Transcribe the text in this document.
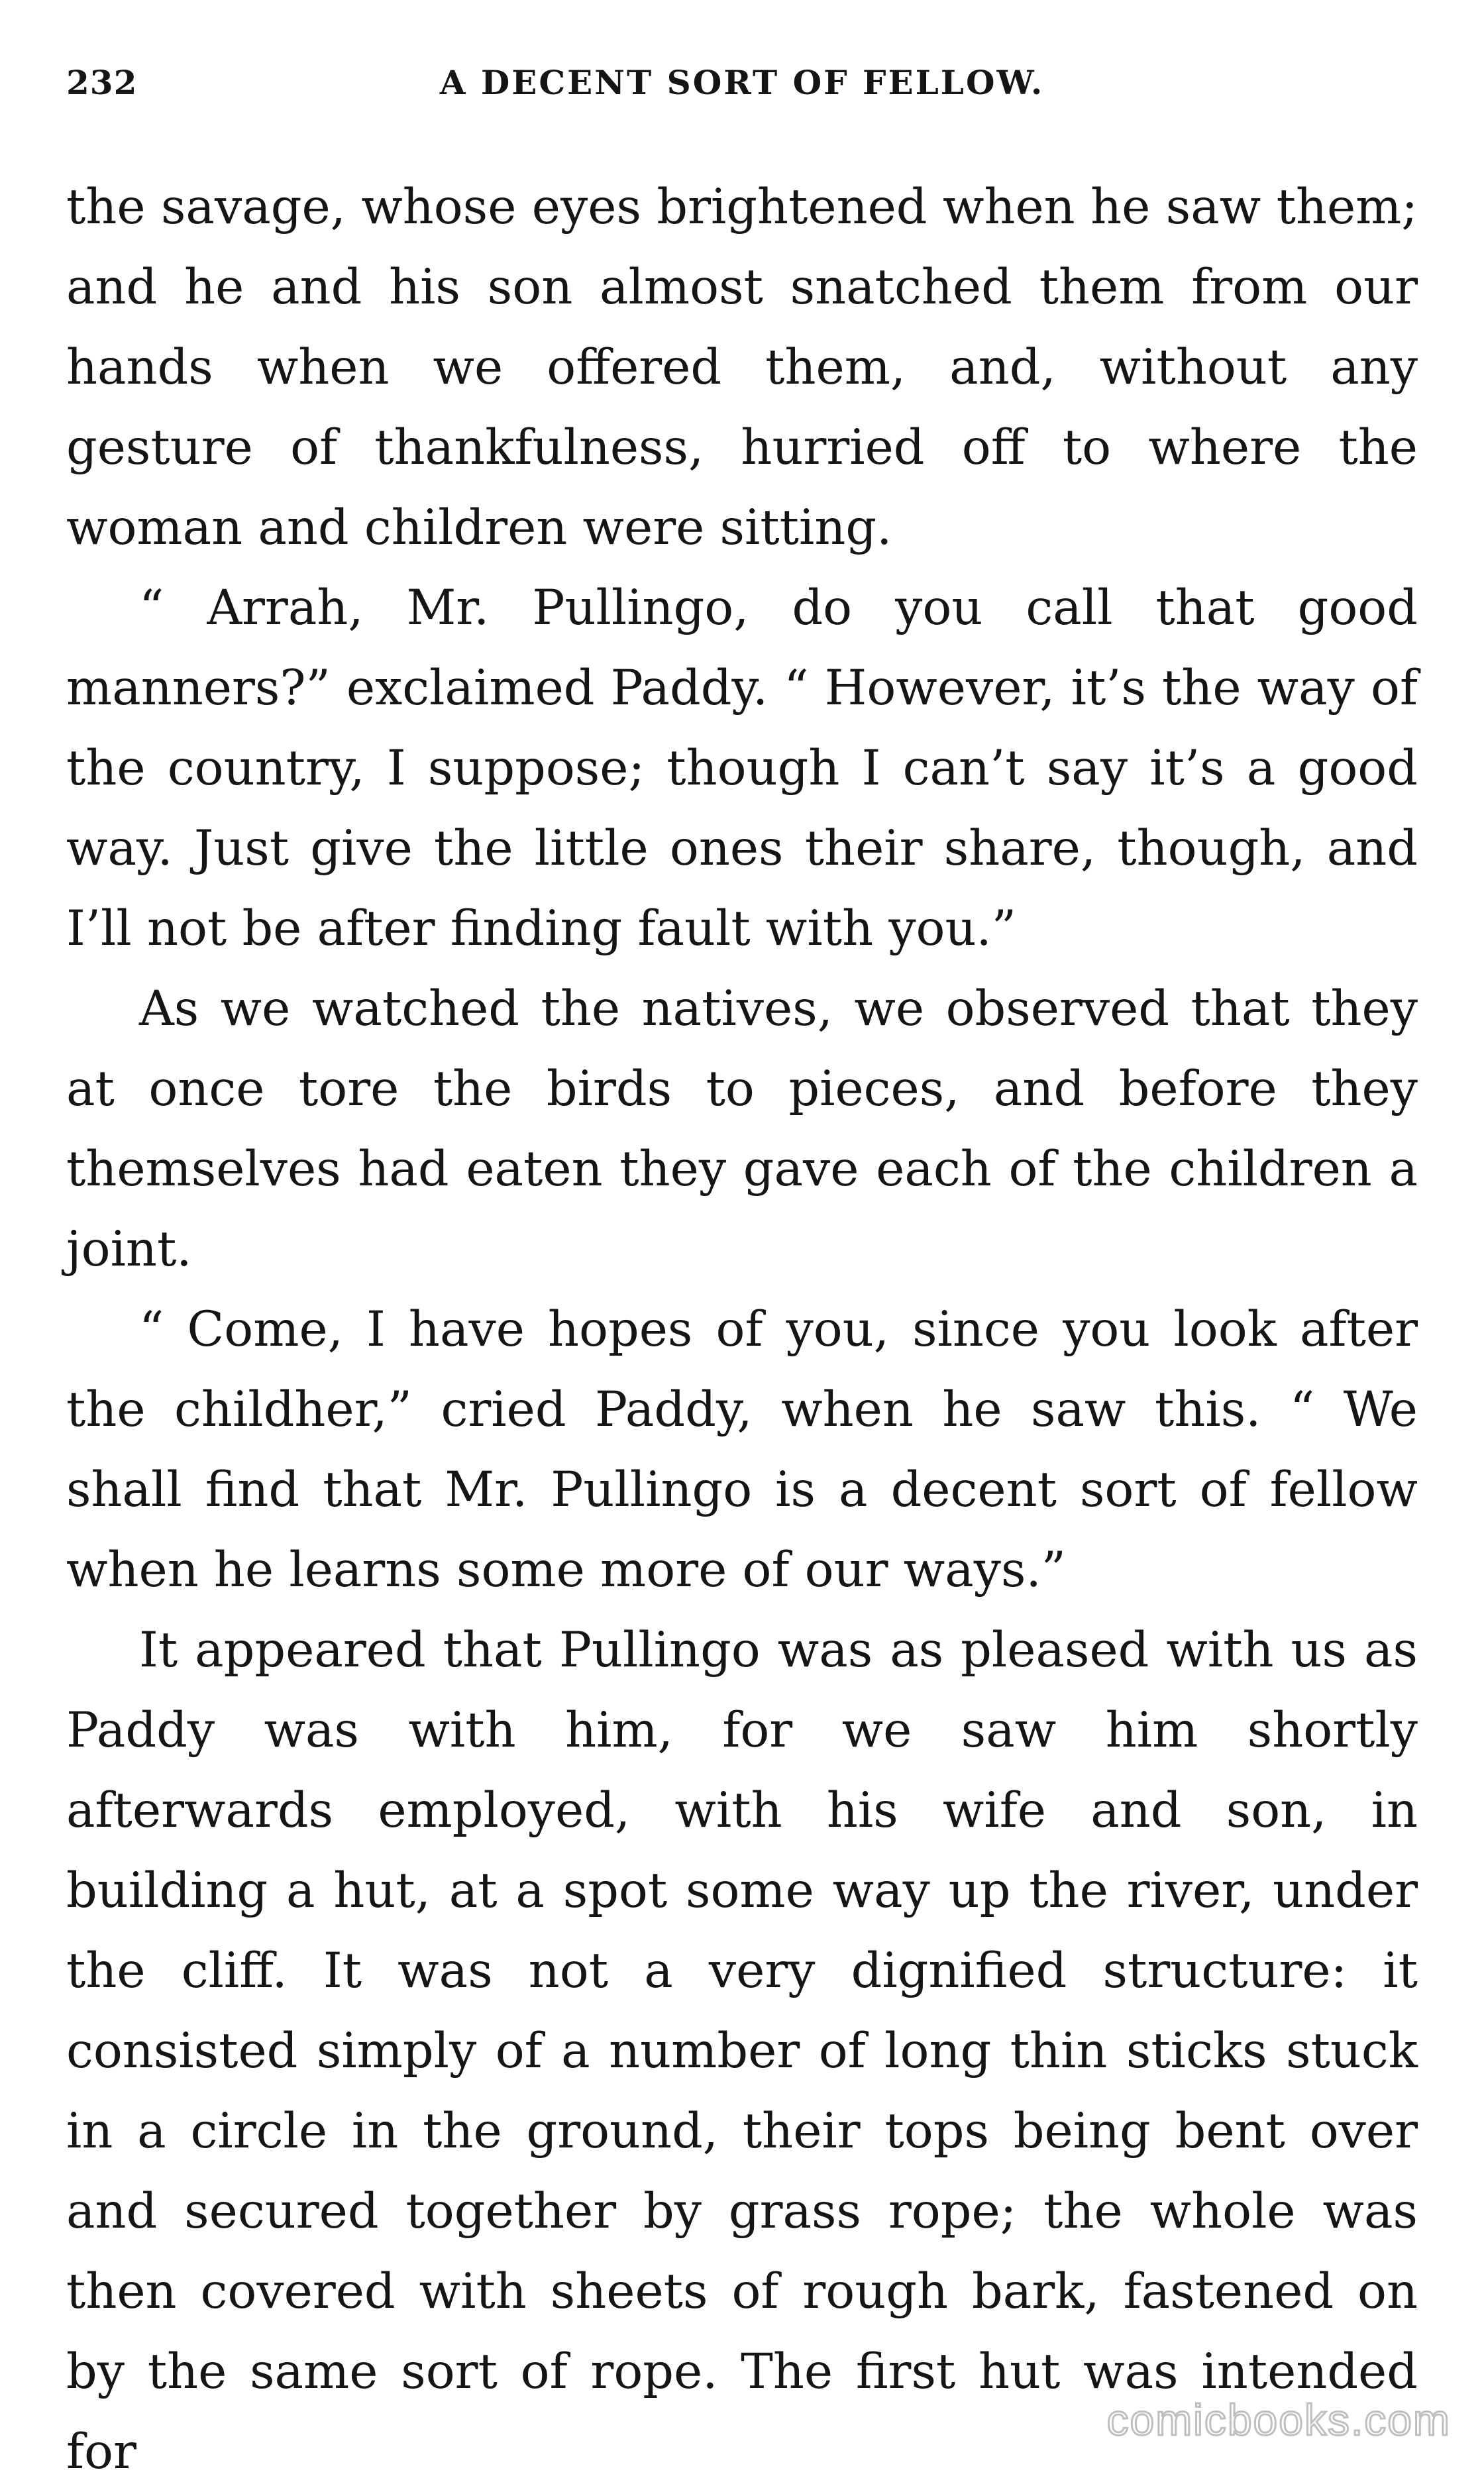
232	A DECENT SORT OF FELLOW.

the savage, whose eyes brightened when he saw them; and he and his son almost snatched them from our hands when we offered them, and, without any gesture of thankfulness, hurried off to where the woman and children were sitting.

“ Arrah, Mr. Pullingo, do you call that good manners?” exclaimed Paddy. “ However, it’s the way of the country, I suppose; though I can’t say it’s a good way. Just give the little ones their share, though, and I’ll not be after finding fault with you.”

As we watched the natives, we observed that they at once tore the birds to pieces, and before they themselves had eaten they gave each of the children a joint.

“ Come, I have hopes of you, since you look after the childher,” cried Paddy, when he saw this. “ We shall find that Mr. Pullingo is a decent sort of fellow when he learns some more of our ways.”

It appeared that Pullingo was as pleased with us as Paddy was with him, for we saw him shortly afterwards employed, with his wife and son, in building a hut, at a spot some way up the river, under the cliff. It was not a very dignified structure: it consisted simply of a number of long thin sticks stuck in a circle in the ground, their tops being bent over and secured together by grass rope; the whole was then covered with sheets of rough bark, fastened on by the same sort of rope. The first hut was intended for

comicbooks.com
